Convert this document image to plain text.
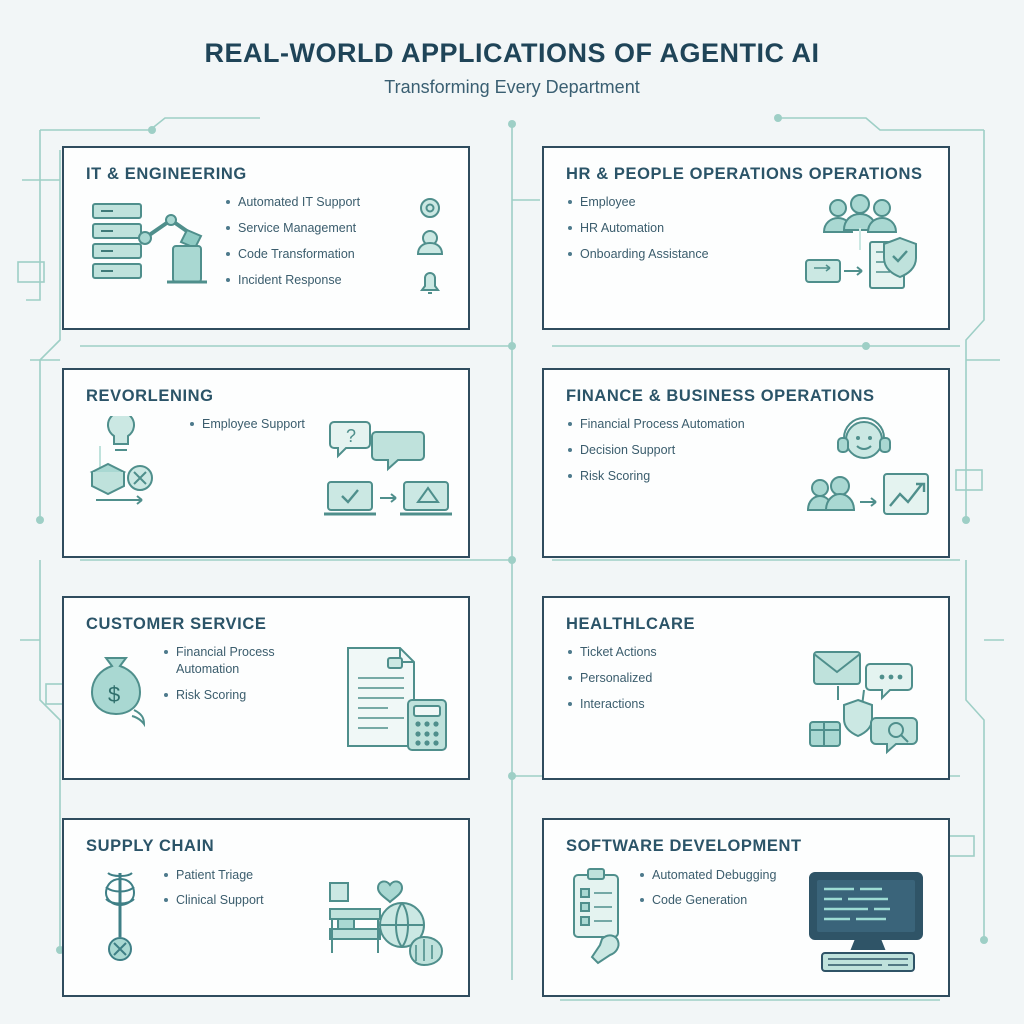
REAL-WORLD APPLICATIONS OF AGENTIC AI

Transforming Every Department

IT & ENGINEERING
Automated IT Support
Service Management
Code Transformation
Incident Response
HR & PEOPLE OPERATIONS OPERATIONS
Employee
HR Automation
Onboarding Assistance
REVORLENING
Employee Support
?
FINANCE & BUSINESS OPERATIONS
Financial Process Automation
Decision Support
Risk Scoring
CUSTOMER SERVICE
$
Financial Process Automation
Risk Scoring
HEALTHLCARE
Ticket Actions
Personalized
Interactions
SUPPLY CHAIN
Patient Triage
Clinical Support
SOFTWARE DEVELOPMENT
Automated Debugging
Code Generation
